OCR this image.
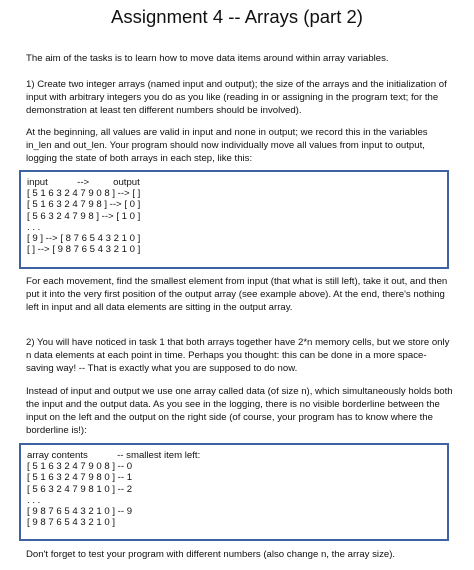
Assignment 4 -- Arrays (part 2)

The aim of the tasks is to learn how to move data items around within array variables.

1) Create two integer arrays (named input and output); the size of the arrays and the initialization of input with arbitrary integers you do as you like (reading in or assigning in the program text; for the demonstration at least ten different numbers should be involved).

At the beginning, all values are valid in input and none in output; we record this in the variables in_len and out_len. Your program should now individually move all values from input to output, logging the state of both arrays in each step, like this:

input           -->         output
[ 5 1 6 3 2 4 7 9 0 8 ] --> [ ]
[ 5 1 6 3 2 4 7 9 8 ] --> [ 0 ]
[ 5 6 3 2 4 7 9 8 ] --> [ 1 0 ]
. . .
[ 9 ] --> [ 8 7 6 5 4 3 2 1 0 ]
[ ] --> [ 9 8 7 6 5 4 3 2 1 0 ]

For each movement, find the smallest element from input (that what is still left), take it out, and then put it into the very first position of the output array (see example above). At the end, there's nothing left in input and all data elements are sitting in the output array.

2) You will have noticed in task 1 that both arrays together have 2*n memory cells, but we store only n data elements at each point in time. Perhaps you thought: this can be done in a more space-saving way! -- That is exactly what you are supposed to do now.

Instead of input and output we use one array called data (of size n), which simultaneously holds both the input and the output data. As you see in the logging, there is no visible borderline between the input on the left and the output on the right side (of course, your program has to know where the borderline is!):

array contents           -- smallest item left:
[ 5 1 6 3 2 4 7 9 0 8 ] -- 0
[ 5 1 6 3 2 4 7 9 8 0 ] -- 1
[ 5 6 3 2 4 7 9 8 1 0 ] -- 2
. . .
[ 9 8 7 6 5 4 3 2 1 0 ] -- 9
[ 9 8 7 6 5 4 3 2 1 0 ]

Don't forget to test your program with different numbers (also change n, the array size).
